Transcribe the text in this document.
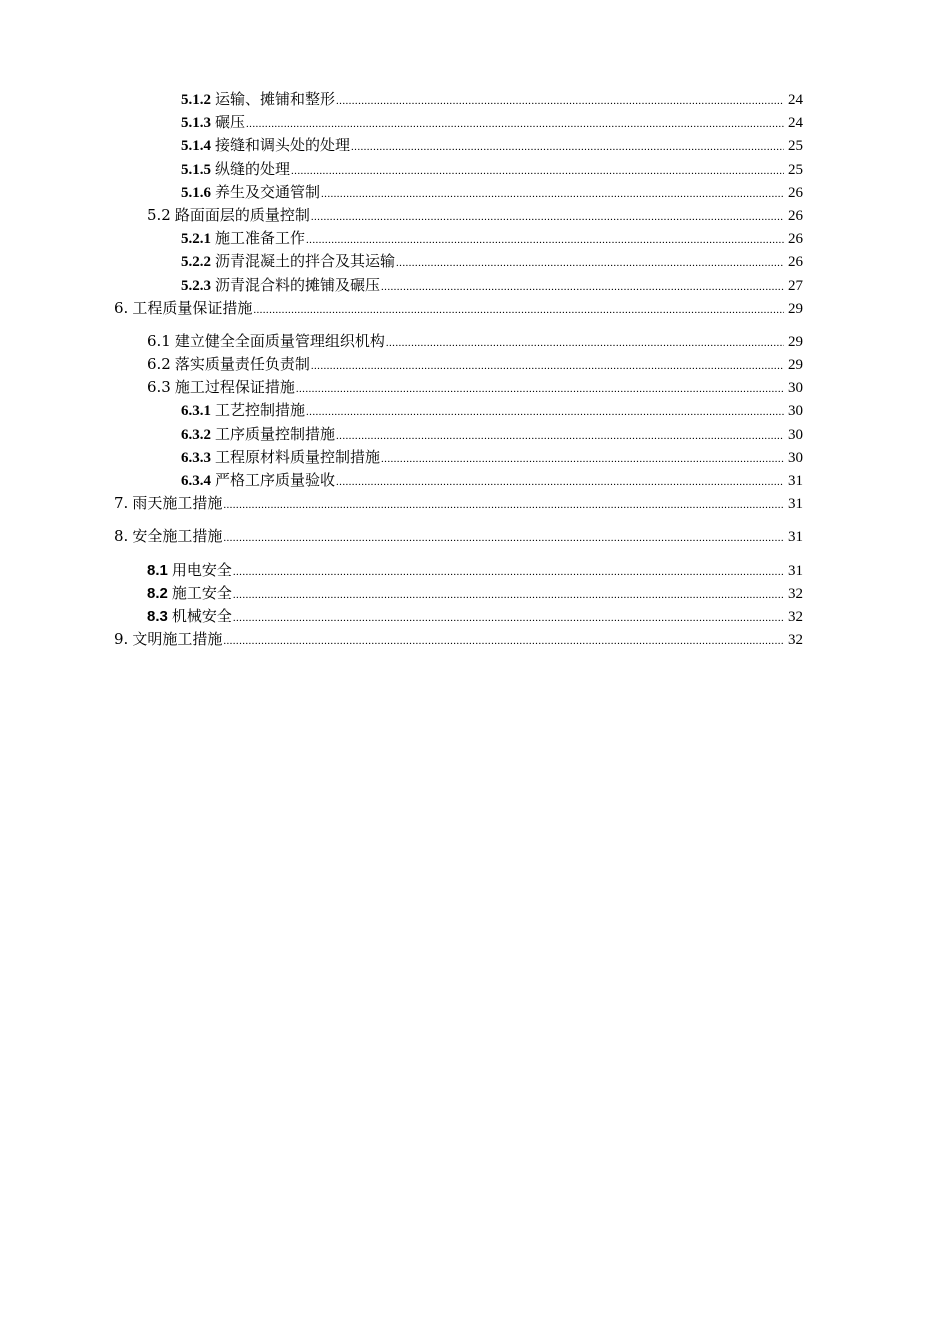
5.1.2 运输、摊铺和整形 .....	24
5.1.3 碾压 .....	24
5.1.4 接缝和调头处的处理 .....	25
5.1.5 纵缝的处理 .....	25
5.1.6 养生及交通管制 .....	26
5.2 路面面层的质量控制 .....	26
5.2.1 施工准备工作 .....	26
5.2.2 沥青混凝土的拌合及其运输 .....	26
5.2.3 沥青混合料的摊铺及碾压 .....	27
6. 工程质量保证措施 .....	29
6.1 建立健全全面质量管理组织机构 .....	29
6.2 落实质量责任负责制 .....	29
6.3 施工过程保证措施 .....	30
6.3.1 工艺控制措施 .....	30
6.3.2 工序质量控制措施 .....	30
6.3.3 工程原材料质量控制措施 .....	30
6.3.4 严格工序质量验收 .....	31
7. 雨天施工措施 .....	31
8. 安全施工措施 .....	31
8.1 用电安全 .....	31
8.2 施工安全 .....	32
8.3 机械安全 .....	32
9. 文明施工措施 .....	32
